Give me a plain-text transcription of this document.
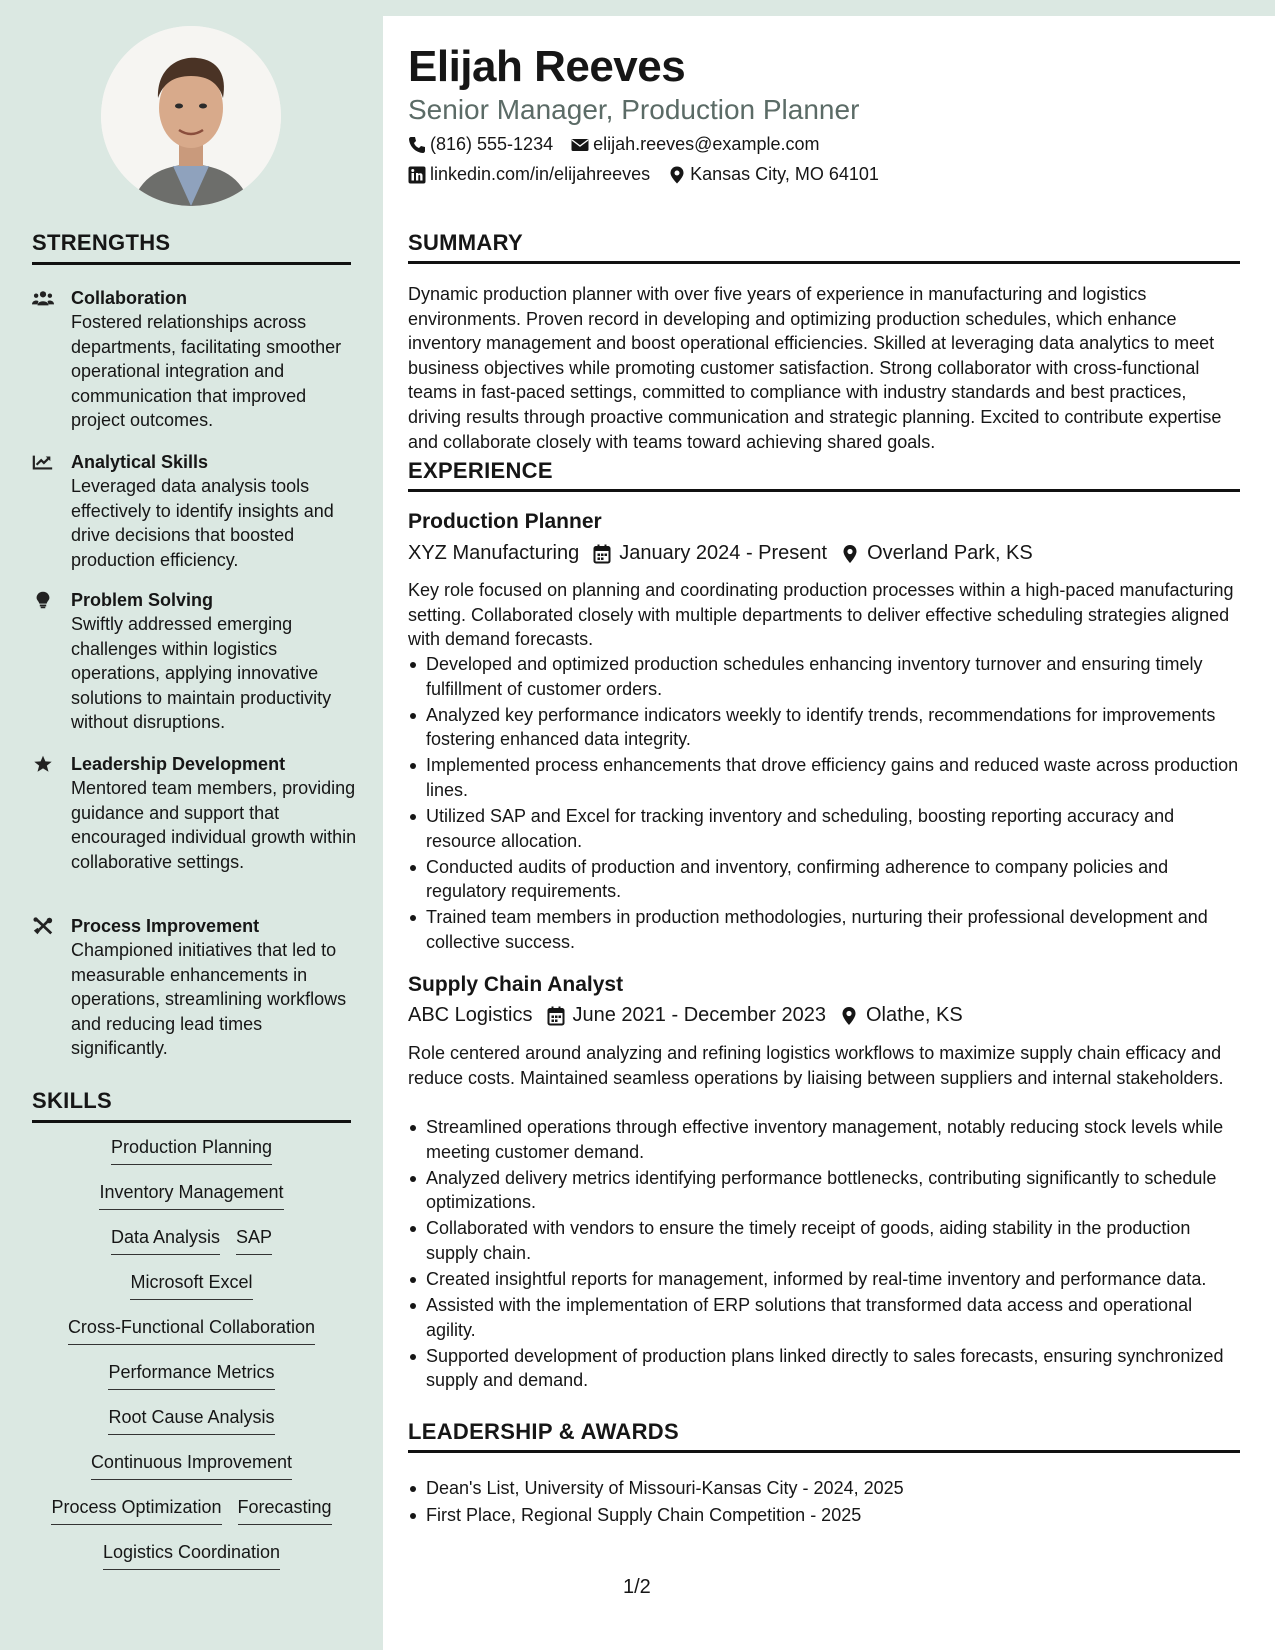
STRENGTHS
Collaboration
Fostered relationships across departments, facilitating smoother operational integration and communication that improved project outcomes.
Analytical Skills
Leveraged data analysis tools effectively to identify insights and drive decisions that boosted production efficiency.
Problem Solving
Swiftly addressed emerging challenges within logistics operations, applying innovative solutions to maintain productivity without disruptions.
Leadership Development
Mentored team members, providing guidance and support that encouraged individual growth within collaborative settings.
Process Improvement
Championed initiatives that led to measurable enhancements in operations, streamlining workflows and reducing lead times significantly.
SKILLS
Production Planning
Inventory Management
Data Analysis SAP
Microsoft Excel
Cross-Functional Collaboration
Performance Metrics
Root Cause Analysis
Continuous Improvement
Process Optimization Forecasting
Logistics Coordination
Elijah Reeves
Senior Manager, Production Planner
(816) 555-1234 elijah.reeves@example.com
linkedin.com/in/elijahreeves Kansas City, MO 64101
SUMMARY
Dynamic production planner with over five years of experience in manufacturing and logistics environments. Proven record in developing and optimizing production schedules, which enhance inventory management and boost operational efficiencies. Skilled at leveraging data analytics to meet business objectives while promoting customer satisfaction. Strong collaborator with cross-functional teams in fast-paced settings, committed to compliance with industry standards and best practices, driving results through proactive communication and strategic planning. Excited to contribute expertise and collaborate closely with teams toward achieving shared goals.
EXPERIENCE
Production Planner
XYZ Manufacturing January 2024 - Present Overland Park, KS
Key role focused on planning and coordinating production processes within a high-paced manufacturing setting. Collaborated closely with multiple departments to deliver effective scheduling strategies aligned with demand forecasts.
Developed and optimized production schedules enhancing inventory turnover and ensuring timely fulfillment of customer orders.
Analyzed key performance indicators weekly to identify trends, recommendations for improvements fostering enhanced data integrity.
Implemented process enhancements that drove efficiency gains and reduced waste across production lines.
Utilized SAP and Excel for tracking inventory and scheduling, boosting reporting accuracy and resource allocation.
Conducted audits of production and inventory, confirming adherence to company policies and regulatory requirements.
Trained team members in production methodologies, nurturing their professional development and collective success.
Supply Chain Analyst
ABC Logistics June 2021 - December 2023 Olathe, KS
Role centered around analyzing and refining logistics workflows to maximize supply chain efficacy and reduce costs. Maintained seamless operations by liaising between suppliers and internal stakeholders.
Streamlined operations through effective inventory management, notably reducing stock levels while meeting customer demand.
Analyzed delivery metrics identifying performance bottlenecks, contributing significantly to schedule optimizations.
Collaborated with vendors to ensure the timely receipt of goods, aiding stability in the production supply chain.
Created insightful reports for management, informed by real-time inventory and performance data.
Assisted with the implementation of ERP solutions that transformed data access and operational agility.
Supported development of production plans linked directly to sales forecasts, ensuring synchronized supply and demand.
LEADERSHIP & AWARDS
Dean's List, University of Missouri-Kansas City - 2024, 2025
First Place, Regional Supply Chain Competition - 2025
1/2
